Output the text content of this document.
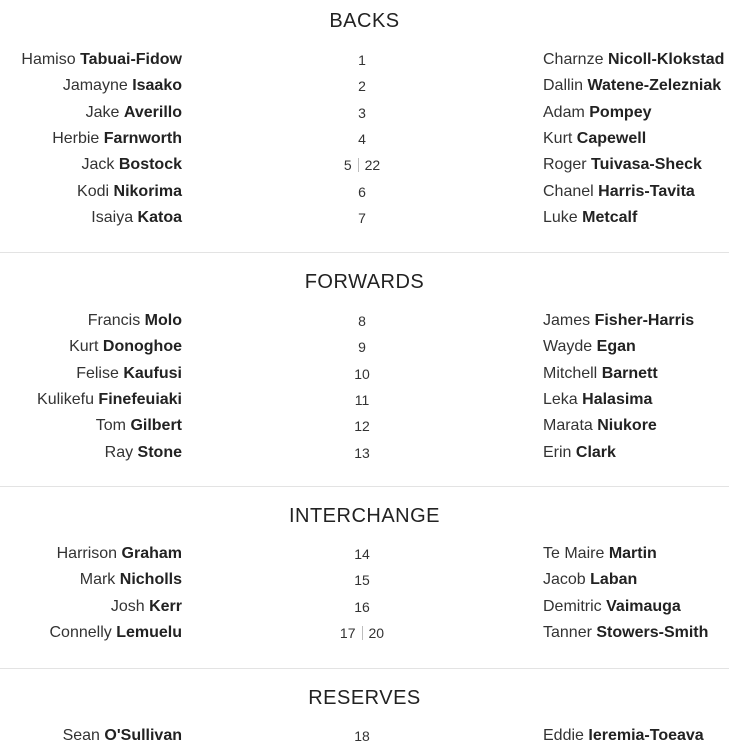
BACKS
Hamiso Tabuai-Fidow	1	Charnze Nicoll-Klokstad
Jamayne Isaako	2	Dallin Watene-Zelezniak
Jake Averillo	3	Adam Pompey
Herbie Farnworth	4	Kurt Capewell
Jack Bostock	5 22	Roger Tuivasa-Sheck
Kodi Nikorima	6	Chanel Harris-Tavita
Isaiya Katoa	7	Luke Metcalf
FORWARDS
Francis Molo	8	James Fisher-Harris
Kurt Donoghoe	9	Wayde Egan
Felise Kaufusi	10	Mitchell Barnett
Kulikefu Finefeuiaki	11	Leka Halasima
Tom Gilbert	12	Marata Niukore
Ray Stone	13	Erin Clark
INTERCHANGE
Harrison Graham	14	Te Maire Martin
Mark Nicholls	15	Jacob Laban
Josh Kerr	16	Demitric Vaimauga
Connelly Lemuelu	17 20	Tanner Stowers-Smith
RESERVES
Sean O'Sullivan	18	Eddie Ieremia-Toeava
